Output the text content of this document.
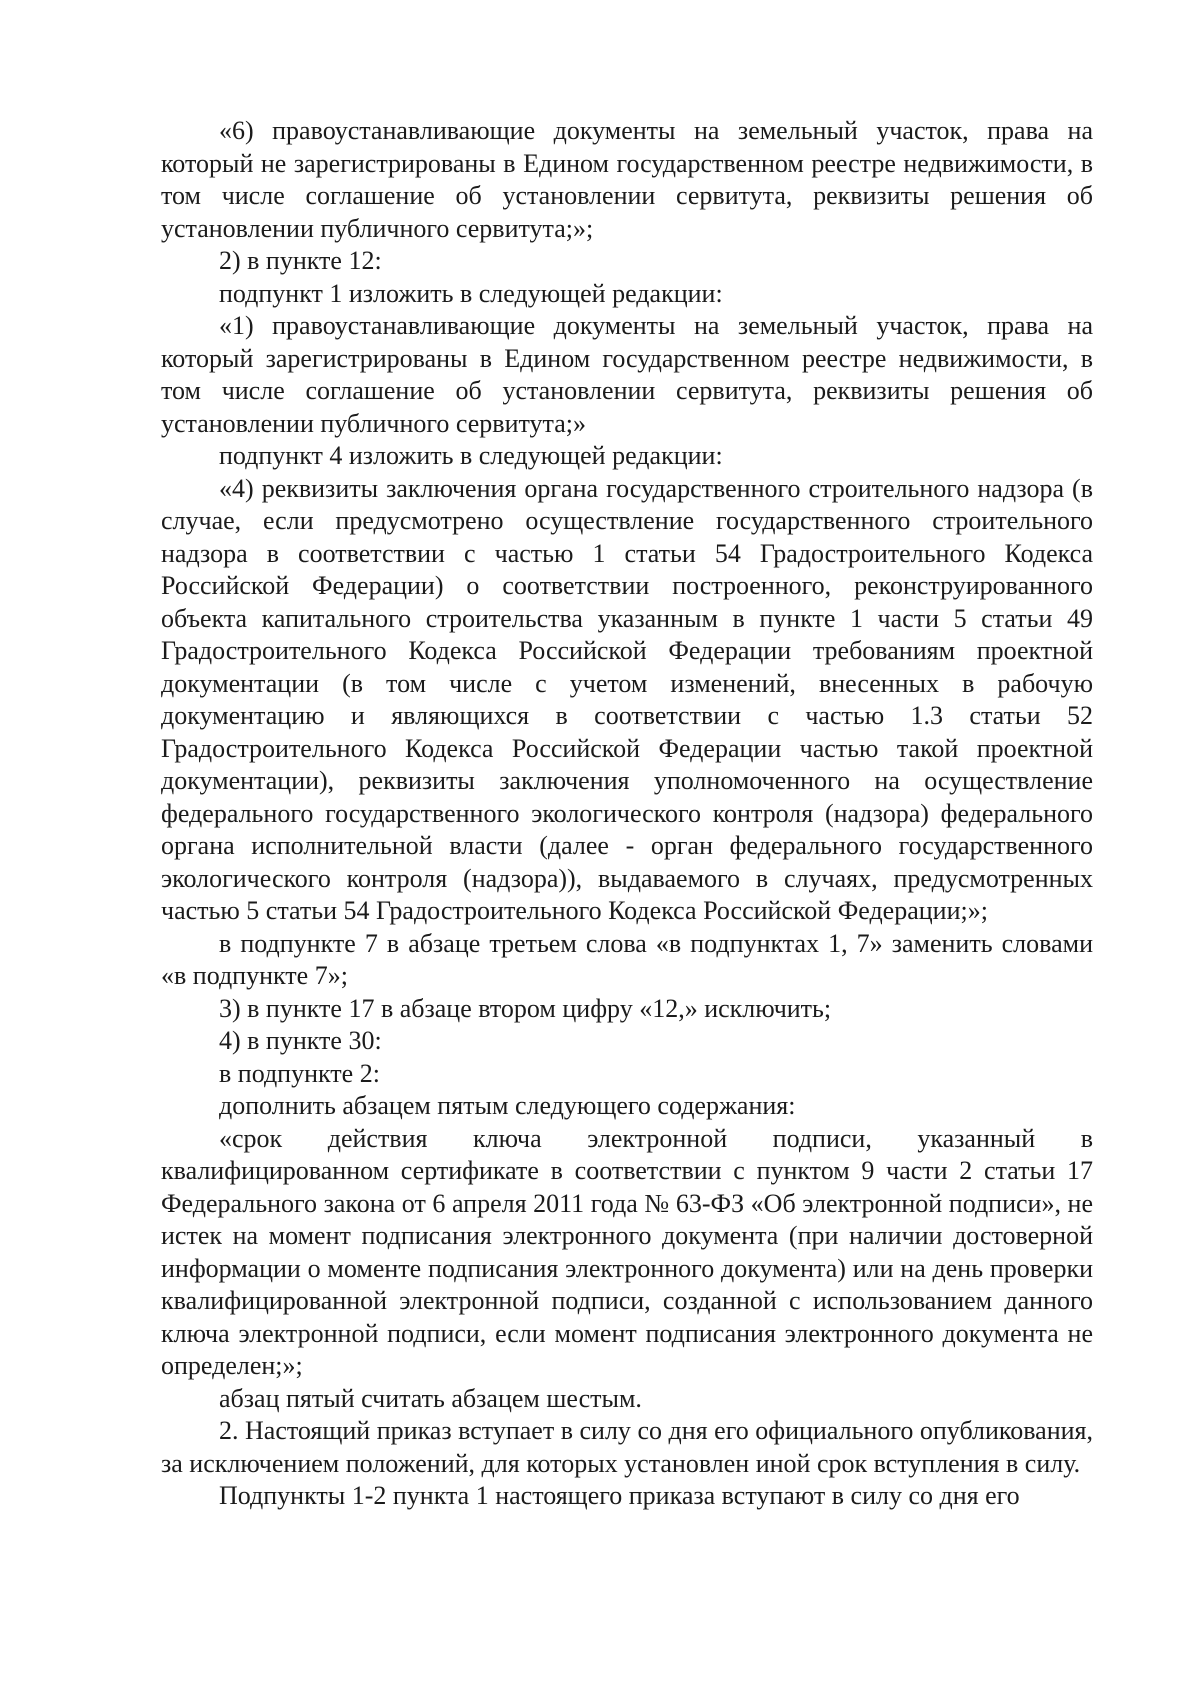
«6) правоустанавливающие документы на земельный участок, права на который не зарегистрированы в Едином государственном реестре недвижимости, в том числе соглашение об установлении сервитута, реквизиты решения об установлении публичного сервитута;»;

2) в пункте 12:

подпункт 1 изложить в следующей редакции:

«1) правоустанавливающие документы на земельный участок, права на который зарегистрированы в Едином государственном реестре недвижимости, в том числе соглашение об установлении сервитута, реквизиты решения об установлении публичного сервитута;»

подпункт 4 изложить в следующей редакции:

«4) реквизиты заключения органа государственного строительного надзора (в случае, если предусмотрено осуществление государственного строительного надзора в соответствии с частью 1 статьи 54 Градостроительного Кодекса Российской Федерации) о соответствии построенного, реконструированного объекта капитального строительства указанным в пункте 1 части 5 статьи 49 Градостроительного Кодекса Российской Федерации требованиям проектной документации (в том числе с учетом изменений, внесенных в рабочую документацию и являющихся в соответствии с частью 1.3 статьи 52 Градостроительного Кодекса Российской Федерации частью такой проектной документации), реквизиты заключения уполномоченного на осуществление федерального государственного экологического контроля (надзора) федерального органа исполнительной власти (далее - орган федерального государственного экологического контроля (надзора)), выдаваемого в случаях, предусмотренных частью 5 статьи 54 Градостроительного Кодекса Российской Федерации;»;

в подпункте 7 в абзаце третьем слова «в подпунктах 1, 7» заменить словами «в подпункте 7»;

3) в пункте 17 в абзаце втором цифру «12,» исключить;

4) в пункте 30:

в подпункте 2:

дополнить абзацем пятым следующего содержания:

«срок действия ключа электронной подписи, указанный в квалифицированном сертификате в соответствии с пунктом 9 части 2 статьи 17 Федерального закона от 6 апреля 2011 года № 63-ФЗ «Об электронной подписи», не истек на момент подписания электронного документа (при наличии достоверной информации о моменте подписания электронного документа) или на день проверки квалифицированной электронной подписи, созданной с использованием данного ключа электронной подписи, если момент подписания электронного документа не определен;»;

абзац пятый считать абзацем шестым.

2. Настоящий приказ вступает в силу со дня его официального опубликования, за исключением положений, для которых установлен иной срок вступления в силу.

Подпункты 1-2 пункта 1 настоящего приказа вступают в силу со дня его
